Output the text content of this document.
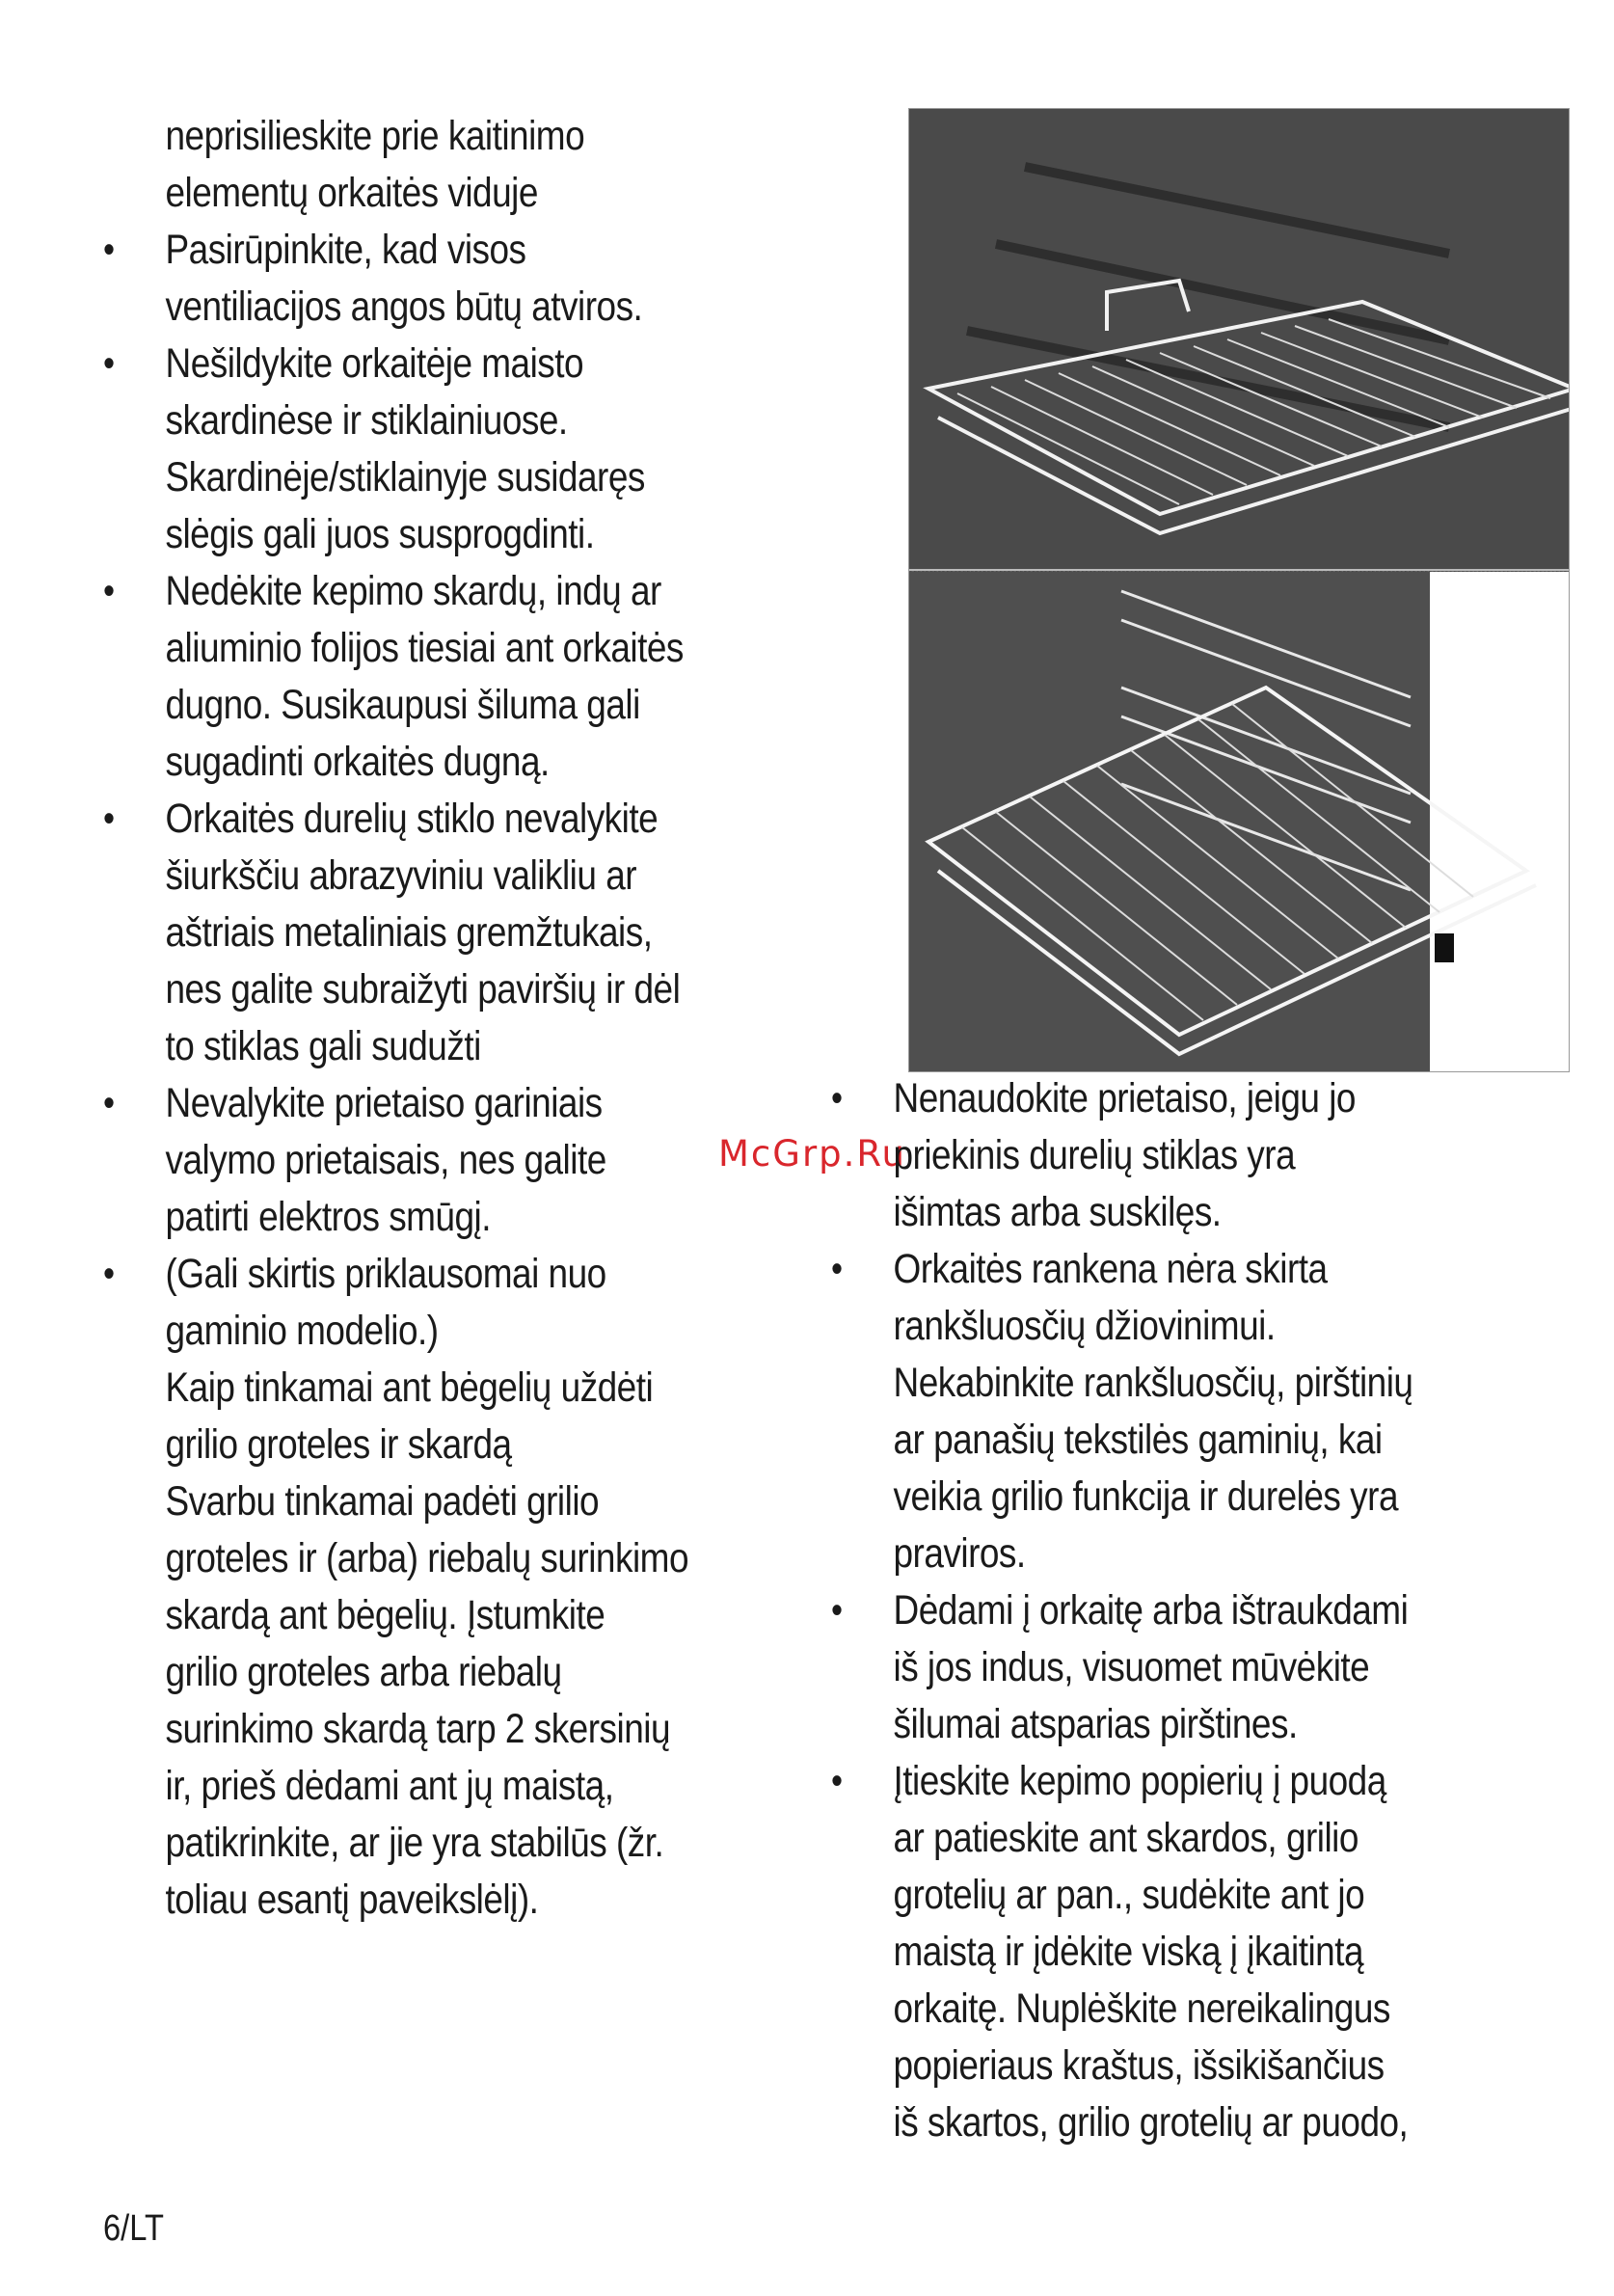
neprisilieskite prie kaitinimo
elementų orkaitės viduje
• Pasirūpinkite, kad visos
ventiliacijos angos būtų atviros.
• Nešildykite orkaitėje maisto
skardinėse ir stiklainiuose.
Skardinėje/stiklainyje susidaręs
slėgis gali juos susprogdinti.
• Nedėkite kepimo skardų, indų ar
aliuminio folijos tiesiai ant orkaitės
dugno. Susikaupusi šiluma gali
sugadinti orkaitės dugną.
• Orkaitės durelių stiklo nevalykite
šiurkščiu abrazyviniu valikliu ar
aštriais metaliniais gremžtukais,
nes galite subraižyti paviršių ir dėl
to stiklas gali sudužti
• Nevalykite prietaiso gariniais
valymo prietaisais, nes galite
patirti elektros smūgį.
• (Gali skirtis priklausomai nuo
gaminio modelio.)
Kaip tinkamai ant bėgelių uždėti
grilio groteles ir skardą
Svarbu tinkamai padėti grilio
groteles ir (arba) riebalų surinkimo
skardą ant bėgelių. Įstumkite
grilio groteles arba riebalų
surinkimo skardą tarp 2 skersinių
ir, prieš dėdami ant jų maistą,
patikrinkite, ar jie yra stabilūs (žr.
toliau esantį paveikslėlį).
McGrp.Ru
• Nenaudokite prietaiso, jeigu jo
priekinis durelių stiklas yra
išimtas arba suskilęs.
• Orkaitės rankena nėra skirta
rankšluosčių džiovinimui.
Nekabinkite rankšluosčių, pirštinių
ar panašių tekstilės gaminių, kai
veikia grilio funkcija ir durelės yra
praviros.
• Dėdami į orkaitę arba ištraukdami
iš jos indus, visuomet mūvėkite
šilumai atsparias pirštines.
• Įtieskite kepimo popierių į puodą
ar patieskite ant skardos, grilio
grotelių ar pan., sudėkite ant jo
maistą ir įdėkite viską į įkaitintą
orkaitę. Nuplėškite nereikalingus
popieriaus kraštus, išsikišančius
iš skartos, grilio grotelių ar puodo,
6/LT
